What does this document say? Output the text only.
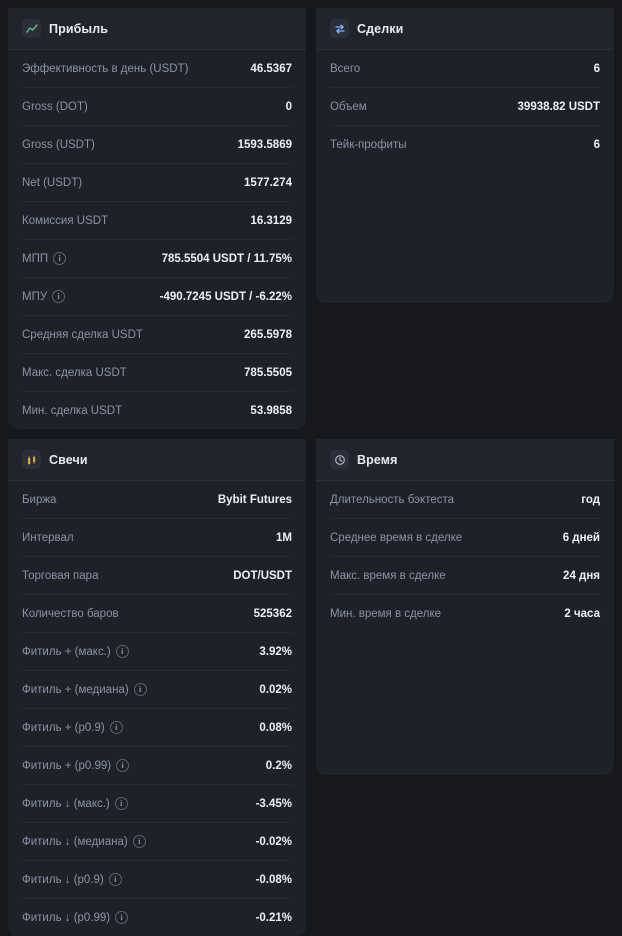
Прибыль
Эффективность в день (USDT)	46.5367
Gross (DOT)	0
Gross (USDT)	1593.5869
Net (USDT)	1577.274
Комиссия USDT	16.3129
МПП	i	785.5504 USDT / 11.75%
МПУ	i	-490.7245 USDT / -6.22%
Средняя сделка USDT	265.5978
Макс. сделка USDT	785.5505
Мин. сделка USDT	53.9858
Сделки
Всего	6
Объем	39938.82 USDT
Тейк-профиты	6
Свечи
Биржа	Bybit Futures
Интервал	1M
Торговая пара	DOT/USDT
Количество баров	525362
Фитиль + (макс.)	i	3.92%
Фитиль + (медиана)	i	0.02%
Фитиль + (p0.9)	i	0.08%
Фитиль + (p0.99)	i	0.2%
Фитиль ↓ (макс.)	i	-3.45%
Фитиль ↓ (медиана)	i	-0.02%
Фитиль ↓ (p0.9)	i	-0.08%
Фитиль ↓ (p0.99)	i	-0.21%
Время
Длительность бэктеста	год
Среднее время в сделке	6 дней
Макс. время в сделке	24 дня
Мин. время в сделке	2 часа
